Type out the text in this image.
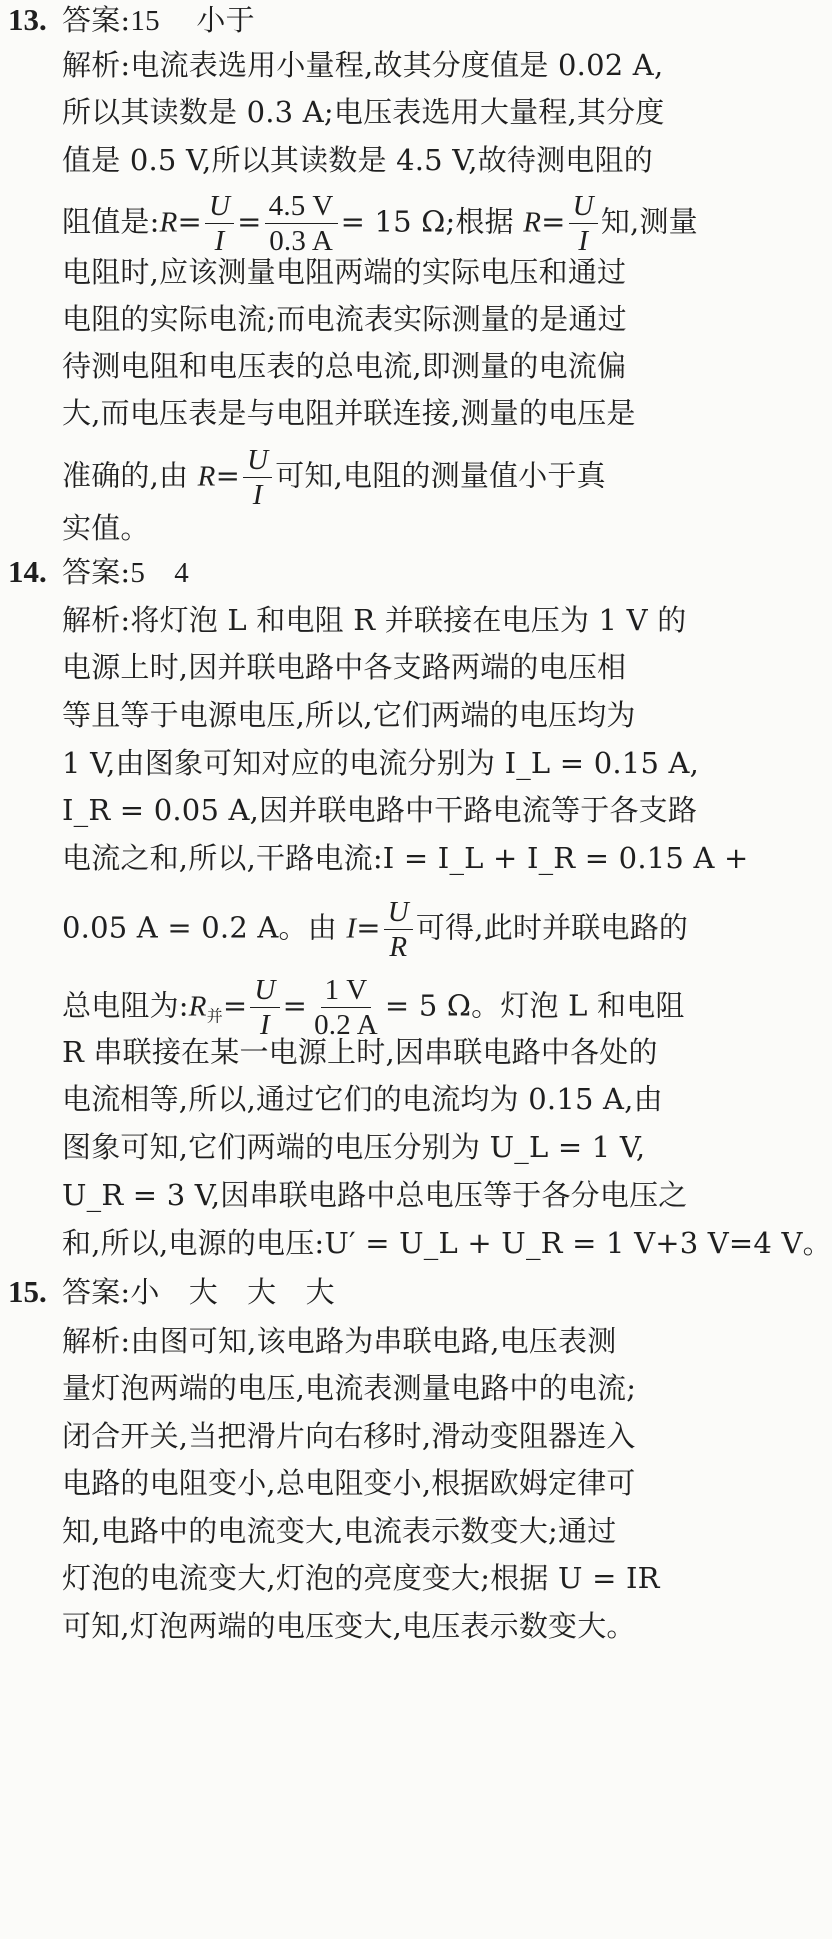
13. 答案:15　 小于
解析:电流表选用小量程,故其分度值是 0.02 A,
所以其读数是 0.3 A;电压表选用大量程,其分度
值是 0.5 V,所以其读数是 4.5 V,故待测电阻的
阻值是:R= $\frac{U}{I} = \frac{4.5 V}{0.3 A} = 15$ Ω;根据 $R= \frac{U}{I}$ 知,测量
电阻时,应该测量电阻两端的实际电压和通过
电阻的实际电流;而电流表实际测量的是通过
待测电阻和电压表的总电流,即测量的电流偏
大,而电压表是与电阻并联连接,测量的电压是
准确的,由 $R= \frac{U}{I}$ 可知,电阻的测量值小于真
实值。
14. 答案:5　4
解析:将灯泡 L 和电阻 R 并联接在电压为 1 V 的
电源上时,因并联电路中各支路两端的电压相
等且等于电源电压,所以,它们两端的电压均为
1 V,由图象可知对应的电流分别为 I_L = 0.15 A,
I_R = 0.05 A,因并联电路中干路电流等于各支路
电流之和,所以,干路电流:I = I_L + I_R = 0.15 A +
0.05 A = 0.2 A。由 $I= \frac{U}{R}$ 可得,此时并联电路的
总电阻为$:R_并= \frac{U}{I} = \frac{1 V}{0.2 A} = 5$ Ω。灯泡 L 和电阻
R 串联接在某一电源上时,因串联电路中各处的
电流相等,所以,通过它们的电流均为 0.15 A,由
图象可知,它们两端的电压分别为 U_L = 1 V,
U_R = 3 V,因串联电路中总电压等于各分电压之
和,所以,电源的电压:U′ = U_L + U_R = 1 V+3 V=4 V。
15. 答案:小　大　大　大
解析:由图可知,该电路为串联电路,电压表测
量灯泡两端的电压,电流表测量电路中的电流;
闭合开关,当把滑片向右移时,滑动变阻器连入
电路的电阻变小,总电阻变小,根据欧姆定律可
知,电路中的电流变大,电流表示数变大;通过
灯泡的电流变大,灯泡的亮度变大;根据 U = IR
可知,灯泡两端的电压变大,电压表示数变大。
